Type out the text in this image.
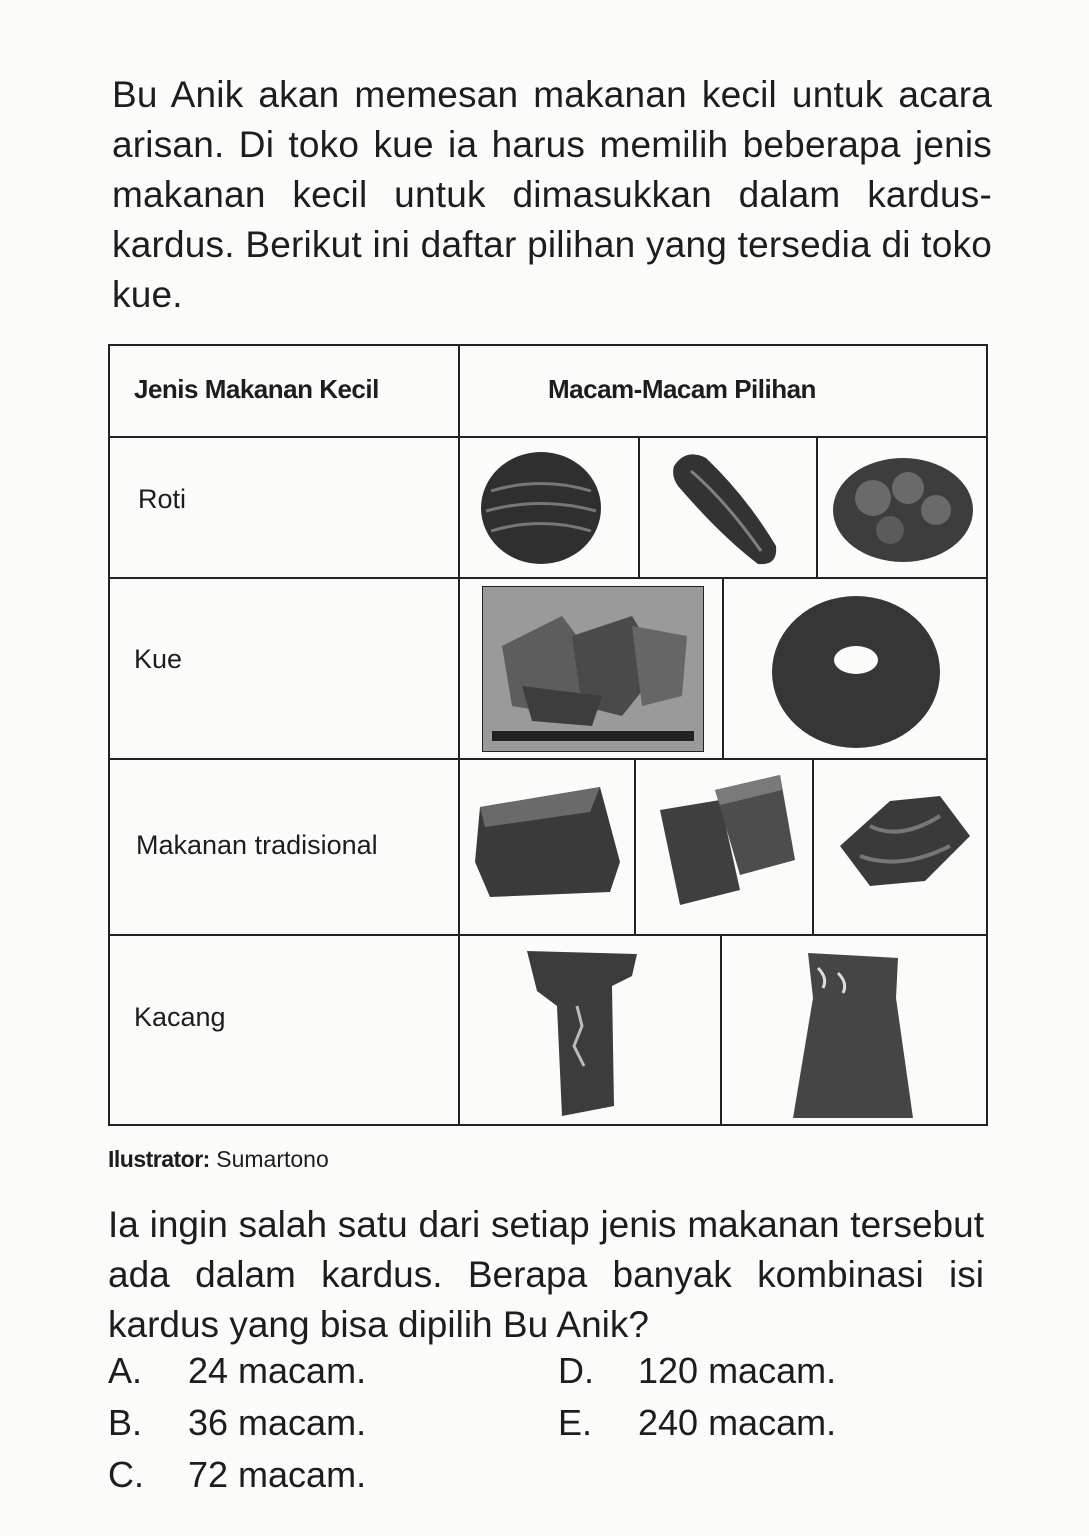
Bu Anik akan memesan makanan kecil untuk acara arisan. Di toko kue ia harus memilih beberapa jenis makanan kecil untuk dimasukkan dalam kardus-kardus. Berikut ini daftar pilihan yang tersedia di toko kue.
Jenis Makanan Kecil	Macam-Macam Pilihan
Roti
Kue
Makanan tradisional
Kacang
Ilustrator: Sumartono
Ia ingin salah satu dari setiap jenis makanan tersebut ada dalam kardus. Berapa banyak kombinasi isi kardus yang bisa dipilih Bu Anik?
A. 24 macam.
B. 36 macam.
C. 72 macam.
D. 120 macam.
E. 240 macam.
